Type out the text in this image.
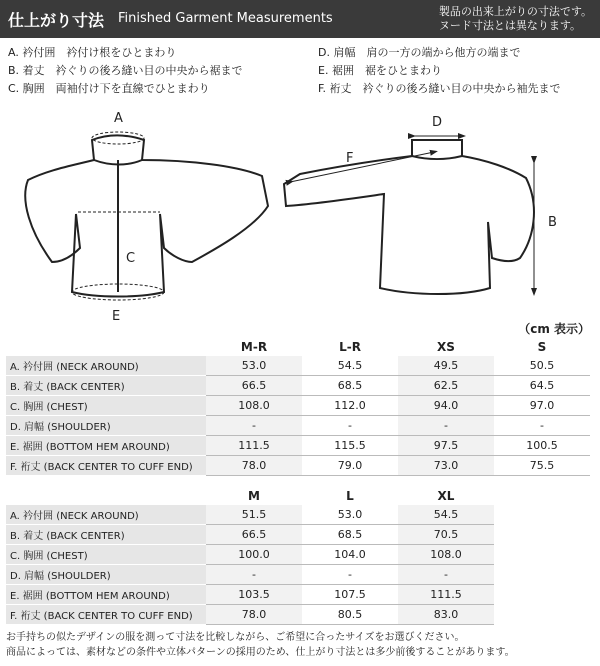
仕上がり寸法 Finished Garment Measurements	製品の出来上がりの寸法です。
ヌード寸法とは異なります。
A. 衿付囲　衿付け根をひとまわり
B. 着丈　衿ぐりの後ろ縫い目の中央から裾まで
C. 胸囲　両袖付け下を直線でひとまわり
D. 肩幅　肩の一方の端から他方の端まで
E. 裾囲　裾をひとまわり
F. 裄丈　衿ぐりの後ろ縫い目の中央から袖先まで
A
C
E
D
F
B
（cm 表示）
	M-R	L-R	XS	S
A. 衿付囲 (NECK AROUND)	53.0	54.5	49.5	50.5
B. 着丈 (BACK CENTER)	66.5	68.5	62.5	64.5
C. 胸囲 (CHEST)	108.0	112.0	94.0	97.0
D. 肩幅 (SHOULDER)	-	-	-	-
E. 裾囲 (BOTTOM HEM AROUND)	111.5	115.5	97.5	100.5
F. 裄丈 (BACK CENTER TO CUFF END)	78.0	79.0	73.0	75.5
	M	L	XL
A. 衿付囲 (NECK AROUND)	51.5	53.0	54.5
B. 着丈 (BACK CENTER)	66.5	68.5	70.5
C. 胸囲 (CHEST)	100.0	104.0	108.0
D. 肩幅 (SHOULDER)	-	-	-
E. 裾囲 (BOTTOM HEM AROUND)	103.5	107.5	111.5
F. 裄丈 (BACK CENTER TO CUFF END)	78.0	80.5	83.0
お手持ちの似たデザインの服を測って寸法を比較しながら、ご希望に合ったサイズをお選びください。
商品によっては、素材などの条件や立体パターンの採用のため、仕上がり寸法とは多少前後することがあります。
